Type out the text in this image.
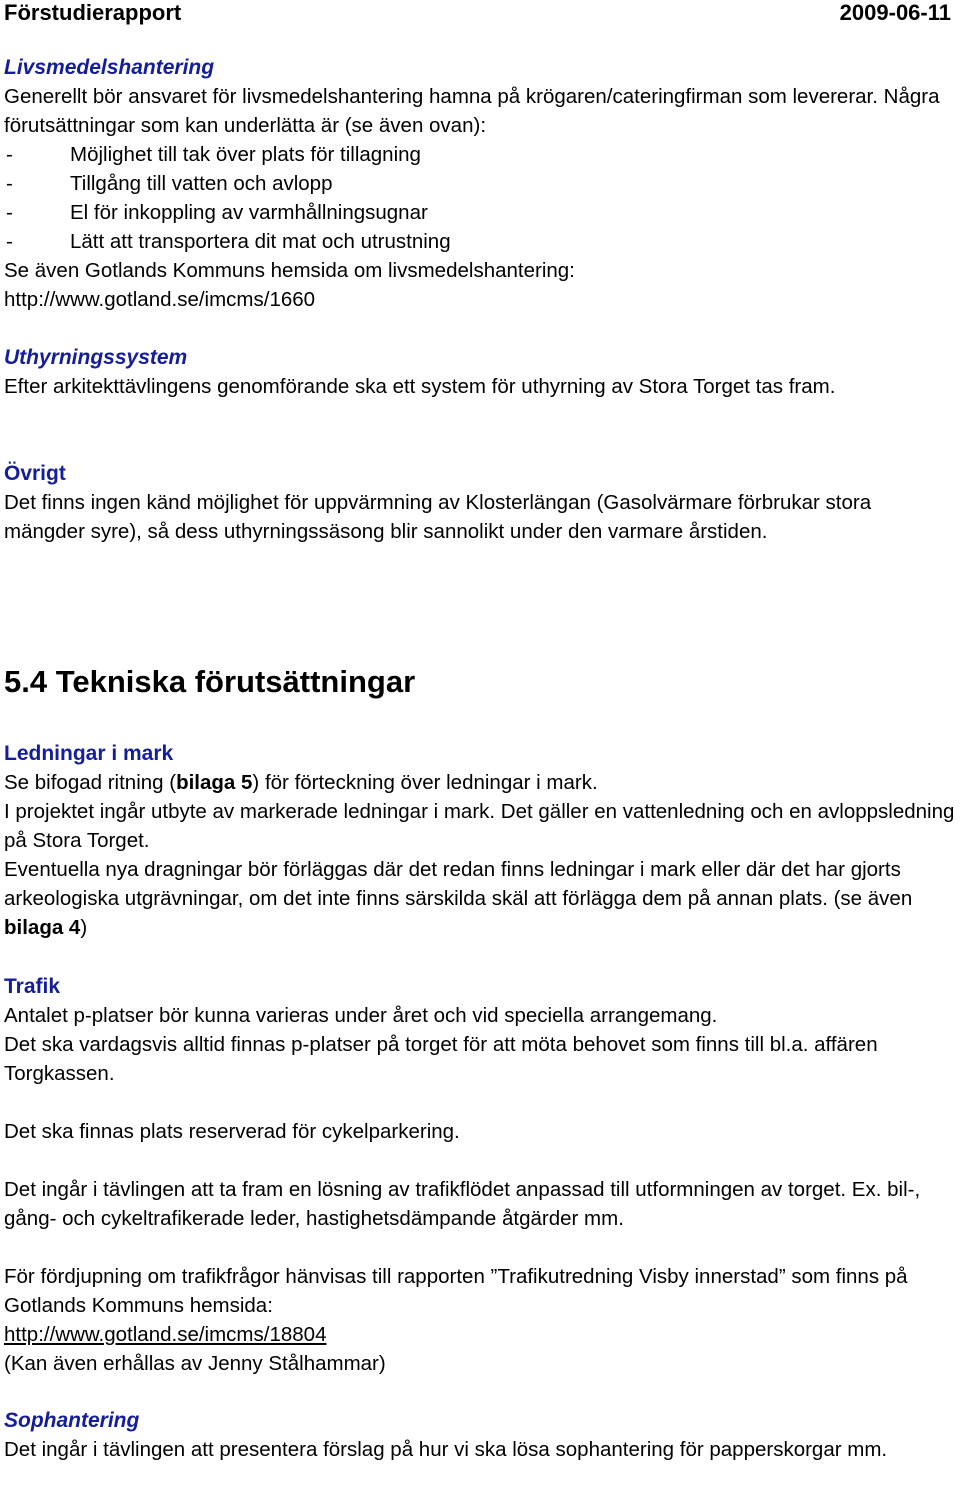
Förstudierapport	2009-06-11

Livsmedelshantering

Generellt bör ansvaret för livsmedelshantering hamna på krögaren/cateringfirman som levererar. Några förutsättningar som kan underlätta är (se även ovan):

- Möjlighet till tak över plats för tillagning
- Tillgång till vatten och avlopp
- El för inkoppling av varmhållningsugnar
- Lätt att transportera dit mat och utrustning

Se även Gotlands Kommuns hemsida om livsmedelshantering:

http://www.gotland.se/imcms/1660

Uthyrningssystem

Efter arkitekttävlingens genomförande ska ett system för uthyrning av Stora Torget tas fram.

Övrigt

Det finns ingen känd möjlighet för uppvärmning av Klosterlängan (Gasolvärmare förbrukar stora mängder syre), så dess uthyrningssäsong blir sannolikt under den varmare årstiden.

5.4 Tekniska förutsättningar

Ledningar i mark

Se bifogad ritning (bilaga 5) för förteckning över ledningar i mark.

I projektet ingår utbyte av markerade ledningar i mark. Det gäller en vattenledning och en avloppsledning på Stora Torget.

Eventuella nya dragningar bör förläggas där det redan finns ledningar i mark eller där det har gjorts arkeologiska utgrävningar, om det inte finns särskilda skäl att förlägga dem på annan plats. (se även bilaga 4)

Trafik

Antalet p-platser bör kunna varieras under året och vid speciella arrangemang.

Det ska vardagsvis alltid finnas p-platser på torget för att möta behovet som finns till bl.a. affären Torgkassen.

Det ska finnas plats reserverad för cykelparkering.

Det ingår i tävlingen att ta fram en lösning av trafikflödet anpassad till utformningen av torget. Ex. bil-, gång- och cykeltrafikerade leder, hastighetsdämpande åtgärder mm.

För fördjupning om trafikfrågor hänvisas till rapporten ”Trafikutredning Visby innerstad” som finns på Gotlands Kommuns hemsida:

http://www.gotland.se/imcms/18804

(Kan även erhållas av Jenny Stålhammar)

Sophantering

Det ingår i tävlingen att presentera förslag på hur vi ska lösa sophantering för papperskorgar mm.
